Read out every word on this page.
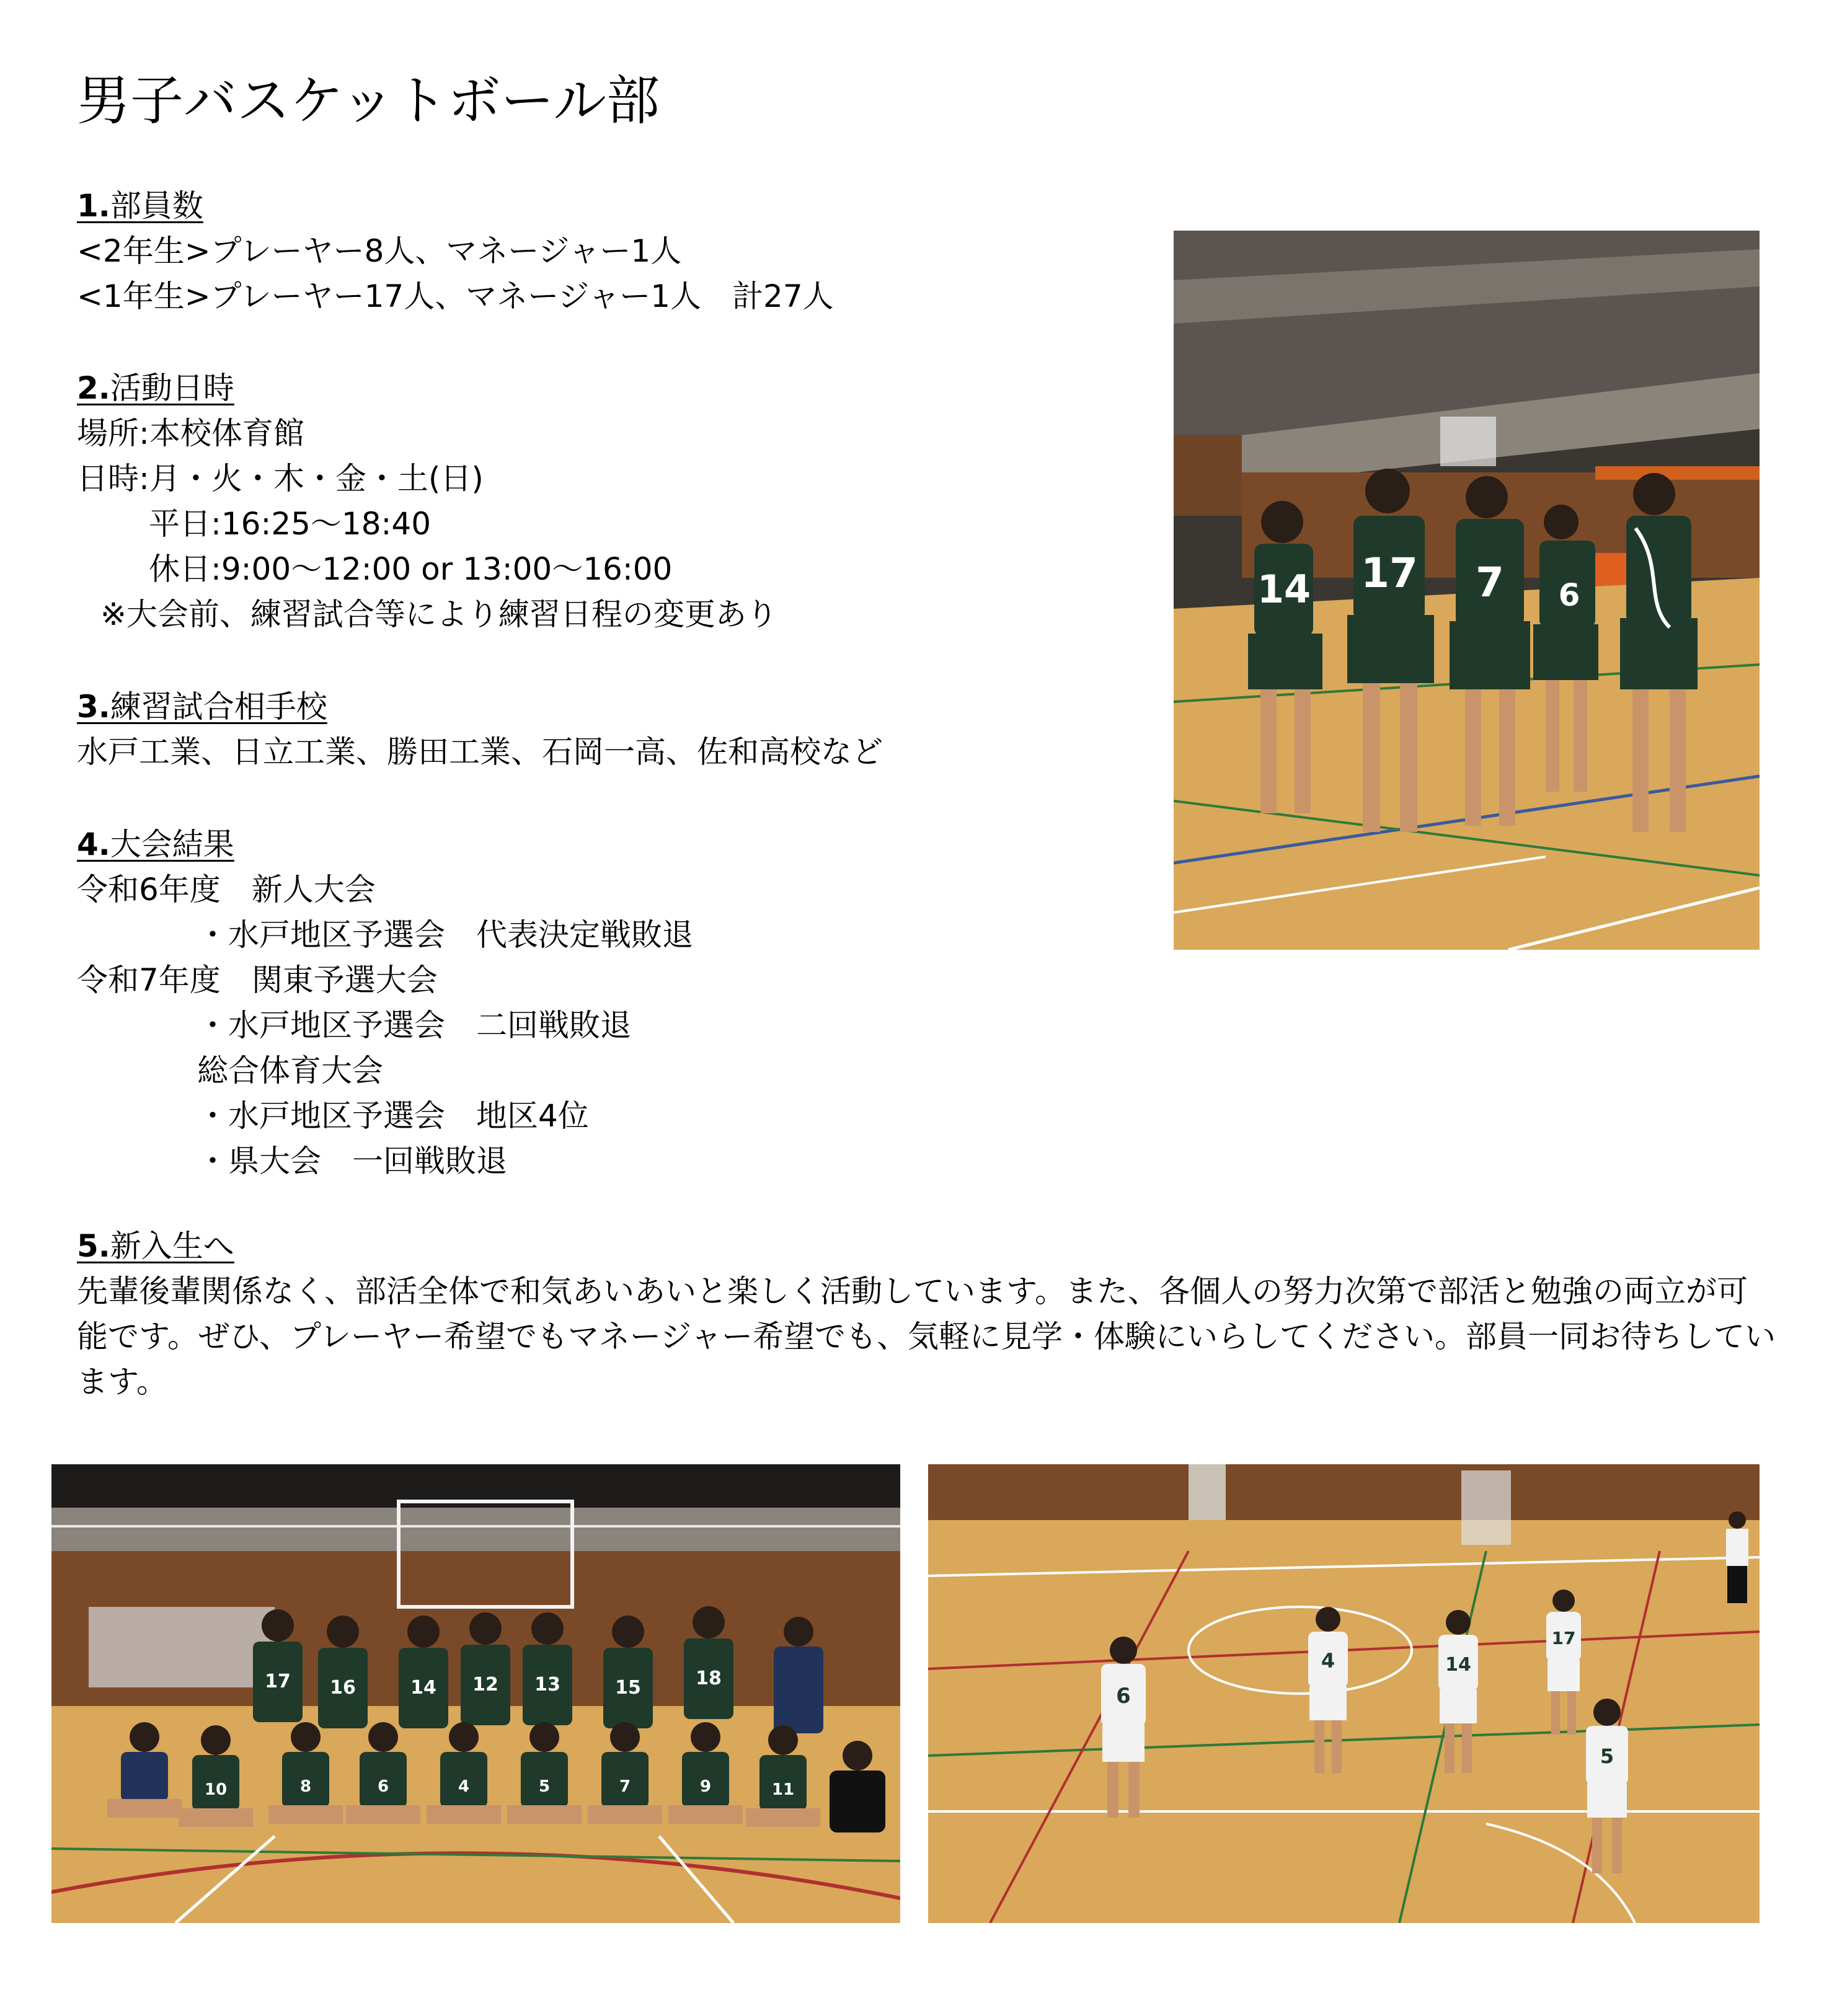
男子バスケットボール部
1.部員数
<2年生>プレーヤー8人、マネージャー1人
<1年生>プレーヤー17人、マネージャー1人　計27人
2.活動日時
場所:本校体育館
日時:月・火・木・金・土(日)
平日:16:25～18:40
休日:9:00～12:00 or 13:00～16:00
※大会前、練習試合等により練習日程の変更あり
3.練習試合相手校
水戸工業、日立工業、勝田工業、石岡一高、佐和高校など
4.大会結果
令和6年度　新人大会
・水戸地区予選会　代表決定戦敗退
令和7年度　関東予選大会
・水戸地区予選会　二回戦敗退
総合体育大会
・水戸地区予選会　地区4位
・県大会　一回戦敗退
5.新入生へ
先輩後輩関係なく、部活全体で和気あいあいと楽しく活動しています。また、各個人の努力次第で部活と勉強の両立が可能です。ぜひ、プレーヤー希望でもマネージャー希望でも、気軽に見学・体験にいらしてください。部員一同お待ちしています。
14 17 7 6
17 16	14 12 13	15	18
10	8	6	4	5	7	9	11
6
4	14
17
5
